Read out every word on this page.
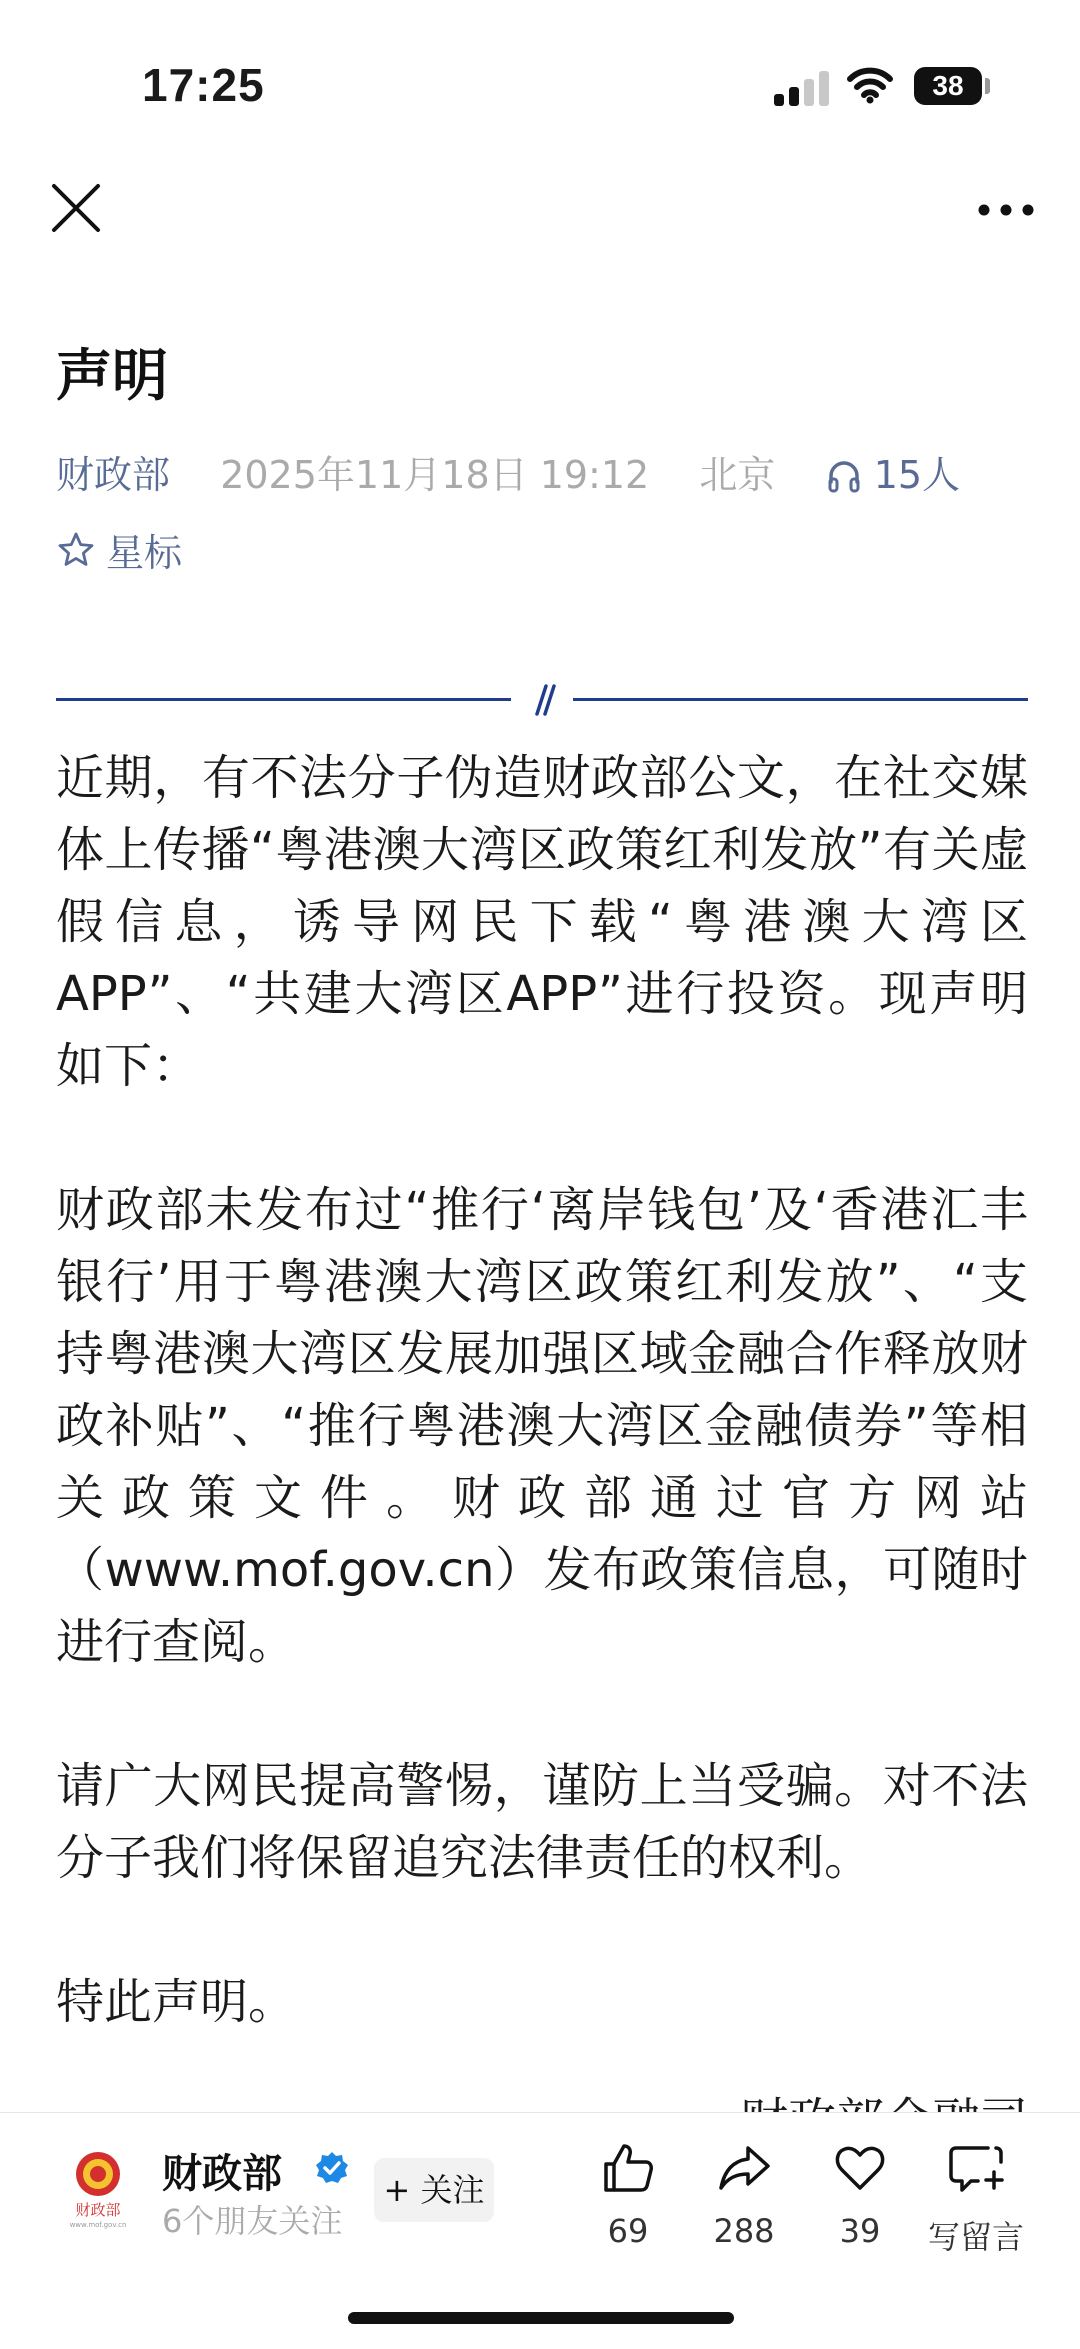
17:25	38
声明
财政部 2025年11月18日 19:12 北京	15人
星标

近期，有不法分子伪造财政部公文，在社交媒体上传播“粤港澳大湾区政策红利发放”有关虚假信息，诱导网民下载“粤港澳大湾区APP”、“共建大湾区APP”进行投资。现声明如下：

财政部未发布过“推行‘离岸钱包’及‘香港汇丰银行’用于粤港澳大湾区政策红利发放”、“支持粤港澳大湾区发展加强区域金融合作释放财政补贴”、“推行粤港澳大湾区金融债券”等相关政策文件。财政部通过官方网站（www.mof.gov.cn）发布政策信息，可随时进行查阅。

请广大网民提高警惕，谨防上当受骗。对不法分子我们将保留追究法律责任的权利。

特此声明。

财政部
www.mof.gov.cn
财政部
6个朋友关注
+ 关注
69	288	39	写留言
